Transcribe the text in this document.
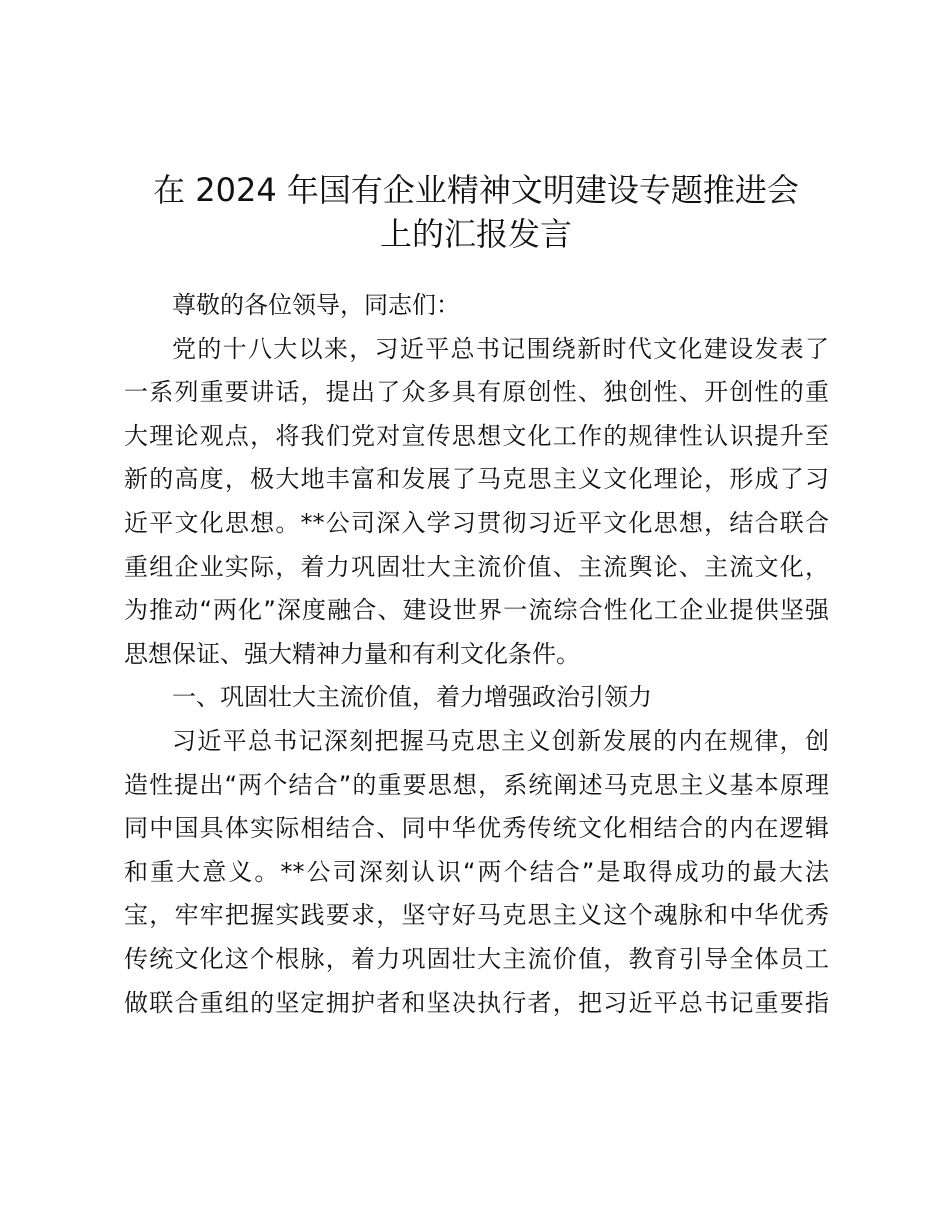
在 2024 年国有企业精神文明建设专题推进会
上的汇报发言
尊敬的各位领导，同志们：
党的十八大以来，习近平总书记围绕新时代文化建设发表了
一系列重要讲话，提出了众多具有原创性、独创性、开创性的重
大理论观点，将我们党对宣传思想文化工作的规律性认识提升至
新的高度，极大地丰富和发展了马克思主义文化理论，形成了习
近平文化思想。**公司深入学习贯彻习近平文化思想，结合联合
重组企业实际，着力巩固壮大主流价值、主流舆论、主流文化，
为推动“两化”深度融合、建设世界一流综合性化工企业提供坚强
思想保证、强大精神力量和有利文化条件。
一、巩固壮大主流价值，着力增强政治引领力
习近平总书记深刻把握马克思主义创新发展的内在规律，创
造性提出“两个结合”的重要思想，系统阐述马克思主义基本原理
同中国具体实际相结合、同中华优秀传统文化相结合的内在逻辑
和重大意义。**公司深刻认识“两个结合”是取得成功的最大法
宝，牢牢把握实践要求，坚守好马克思主义这个魂脉和中华优秀
传统文化这个根脉，着力巩固壮大主流价值，教育引导全体员工
做联合重组的坚定拥护者和坚决执行者，把习近平总书记重要指
